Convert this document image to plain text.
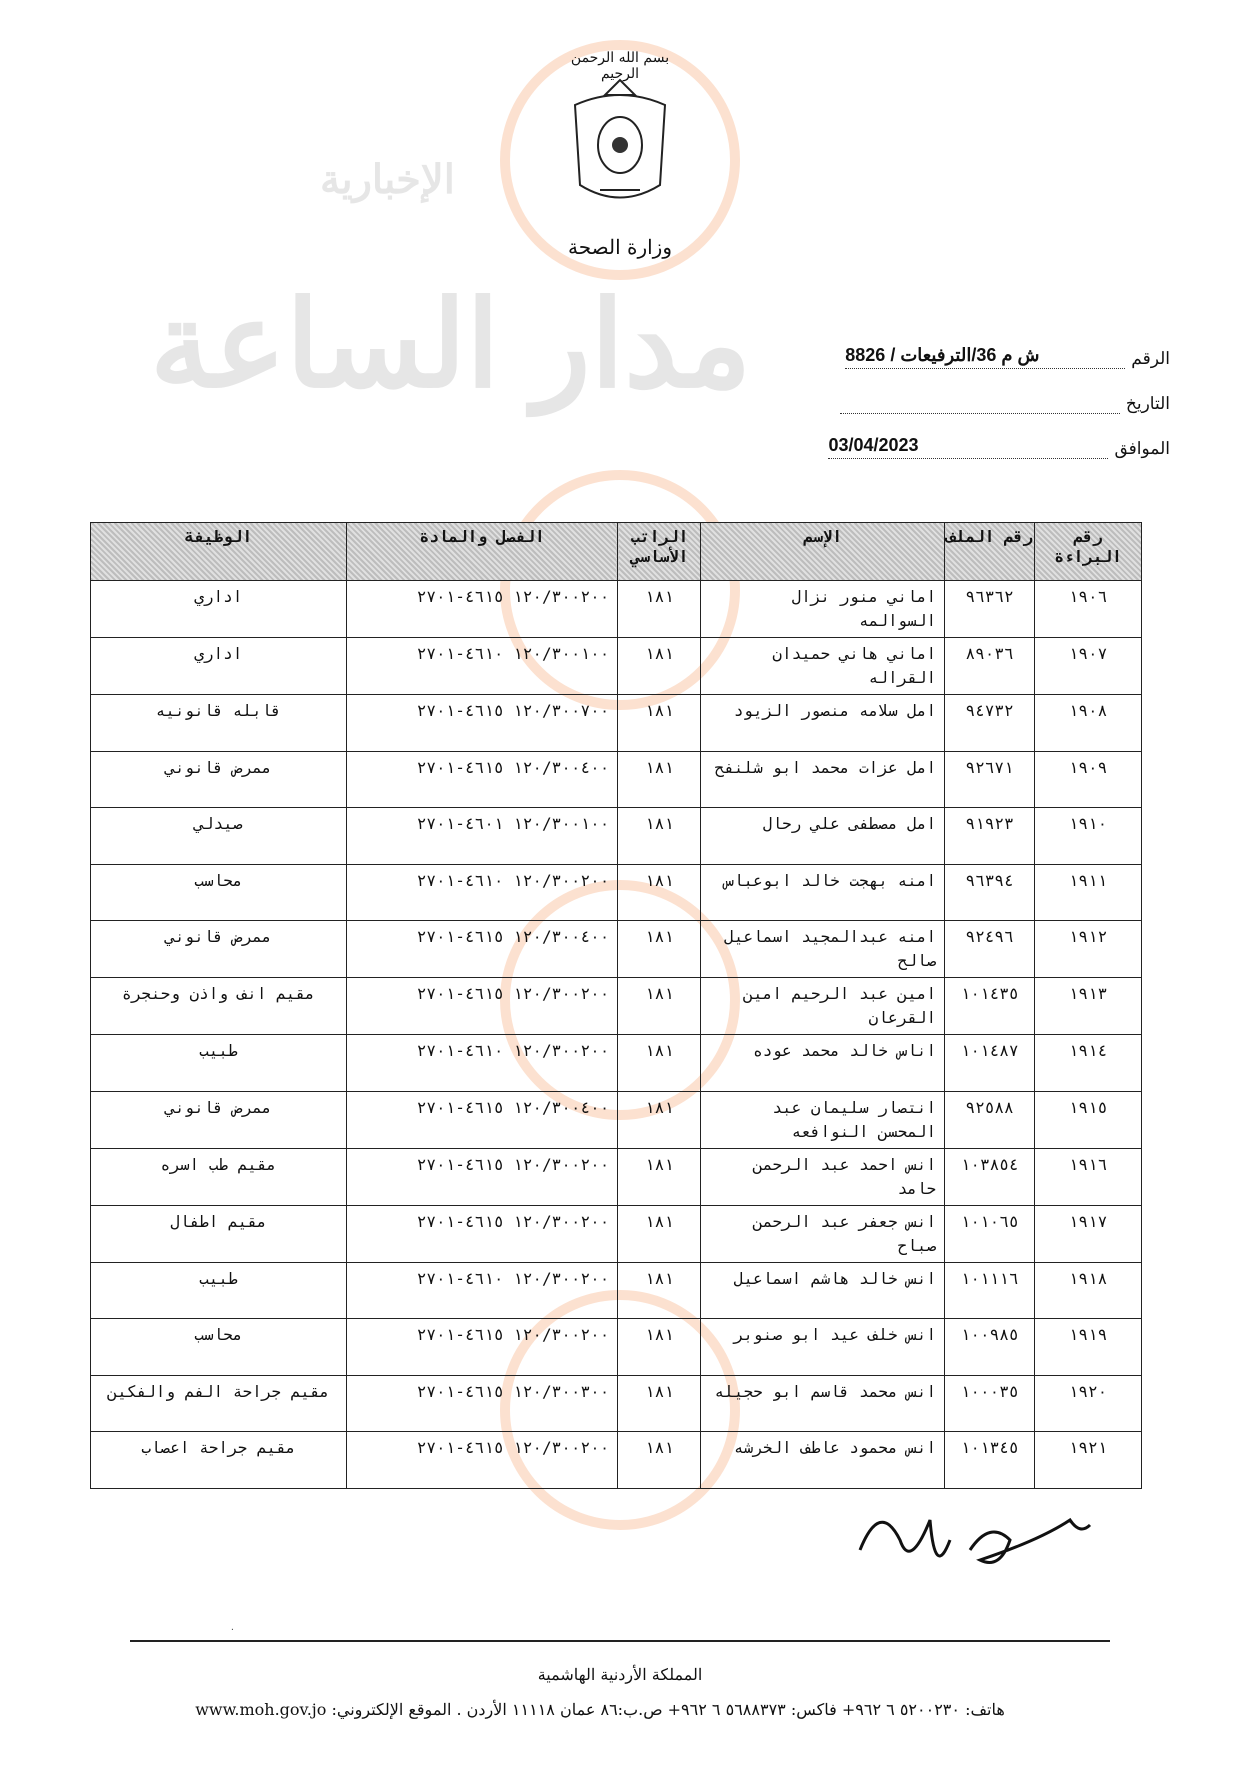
مدار الساعة
الإخبارية
بسم الله الرحمن الرحيم
وزارة الصحة
الرقم
ش م 36/الترفيعات / 8826
التاريخ

الموافق
03/04/2023
رقم البراءة	رقم الملف	الإسم	الراتب الأساسي	الفصل والمادة	الوظيفة
١٩٠٦	٩٦٣٦٢	اماني منور نزال السوالمه	١٨١	١٢٠/٣٠٠٢٠٠ ٤٦١٥-٢٧٠١	اداري
١٩٠٧	٨٩٠٣٦	اماني هاني حميدان القراله	١٨١	١٢٠/٣٠٠١٠٠ ٤٦١٠-٢٧٠١	اداري
١٩٠٨	٩٤٧٣٢	امل سلامه منصور الزيود	١٨١	١٢٠/٣٠٠٧٠٠ ٤٦١٥-٢٧٠١	قابله قانونيه
١٩٠٩	٩٢٦٧١	امل عزات محمد ابو شلنفح	١٨١	١٢٠/٣٠٠٤٠٠ ٤٦١٥-٢٧٠١	ممرض قانوني
١٩١٠	٩١٩٢٣	امل مصطفى علي رحال	١٨١	١٢٠/٣٠٠١٠٠ ٤٦٠١-٢٧٠١	صيدلي
١٩١١	٩٦٣٩٤	امنه بهجت خالد ابوعباس	١٨١	١٢٠/٣٠٠٢٠٠ ٤٦١٠-٢٧٠١	محاسب
١٩١٢	٩٢٤٩٦	امنه عبدالمجيد اسماعيل صالح	١٨١	١٢٠/٣٠٠٤٠٠ ٤٦١٥-٢٧٠١	ممرض قانوني
١٩١٣	١٠١٤٣٥	امين عبد الرحيم امين القرعان	١٨١	١٢٠/٣٠٠٢٠٠ ٤٦١٥-٢٧٠١	مقيم انف واذن وحنجرة
١٩١٤	١٠١٤٨٧	اناس خالد محمد عوده	١٨١	١٢٠/٣٠٠٢٠٠ ٤٦١٠-٢٧٠١	طبيب
١٩١٥	٩٢٥٨٨	انتصار سليمان عبد المحسن النوافعه	١٨١	١٢٠/٣٠٠٤٠٠ ٤٦١٥-٢٧٠١	ممرض قانوني
١٩١٦	١٠٣٨٥٤	انس احمد عبد الرحمن حامد	١٨١	١٢٠/٣٠٠٢٠٠ ٤٦١٥-٢٧٠١	مقيم طب اسره
١٩١٧	١٠١٠٦٥	انس جعفر عبد الرحمن صباح	١٨١	١٢٠/٣٠٠٢٠٠ ٤٦١٥-٢٧٠١	مقيم اطفال
١٩١٨	١٠١١١٦	انس خالد هاشم اسماعيل	١٨١	١٢٠/٣٠٠٢٠٠ ٤٦١٠-٢٧٠١	طبيب
١٩١٩	١٠٠٩٨٥	انس خلف عيد ابو صنوبر	١٨١	١٢٠/٣٠٠٢٠٠ ٤٦١٥-٢٧٠١	محاسب
١٩٢٠	١٠٠٠٣٥	انس محمد قاسم ابو حجيله	١٨١	١٢٠/٣٠٠٣٠٠ ٤٦١٥-٢٧٠١	مقيم جراحة الفم والفكين
١٩٢١	١٠١٣٤٥	انس محمود عاطف الخرشه	١٨١	١٢٠/٣٠٠٢٠٠ ٤٦١٥-٢٧٠١	مقيم جراحة اعصاب
·
المملكة الأردنية الهاشمية
هاتف: ٥٢٠٠٢٣٠ ٦ ٩٦٢+ فاكس: ٥٦٨٨٣٧٣ ٦ ٩٦٢+ ص.ب:٨٦ عمان ١١١١٨ الأردن . الموقع الإلكتروني: www.moh.gov.jo
